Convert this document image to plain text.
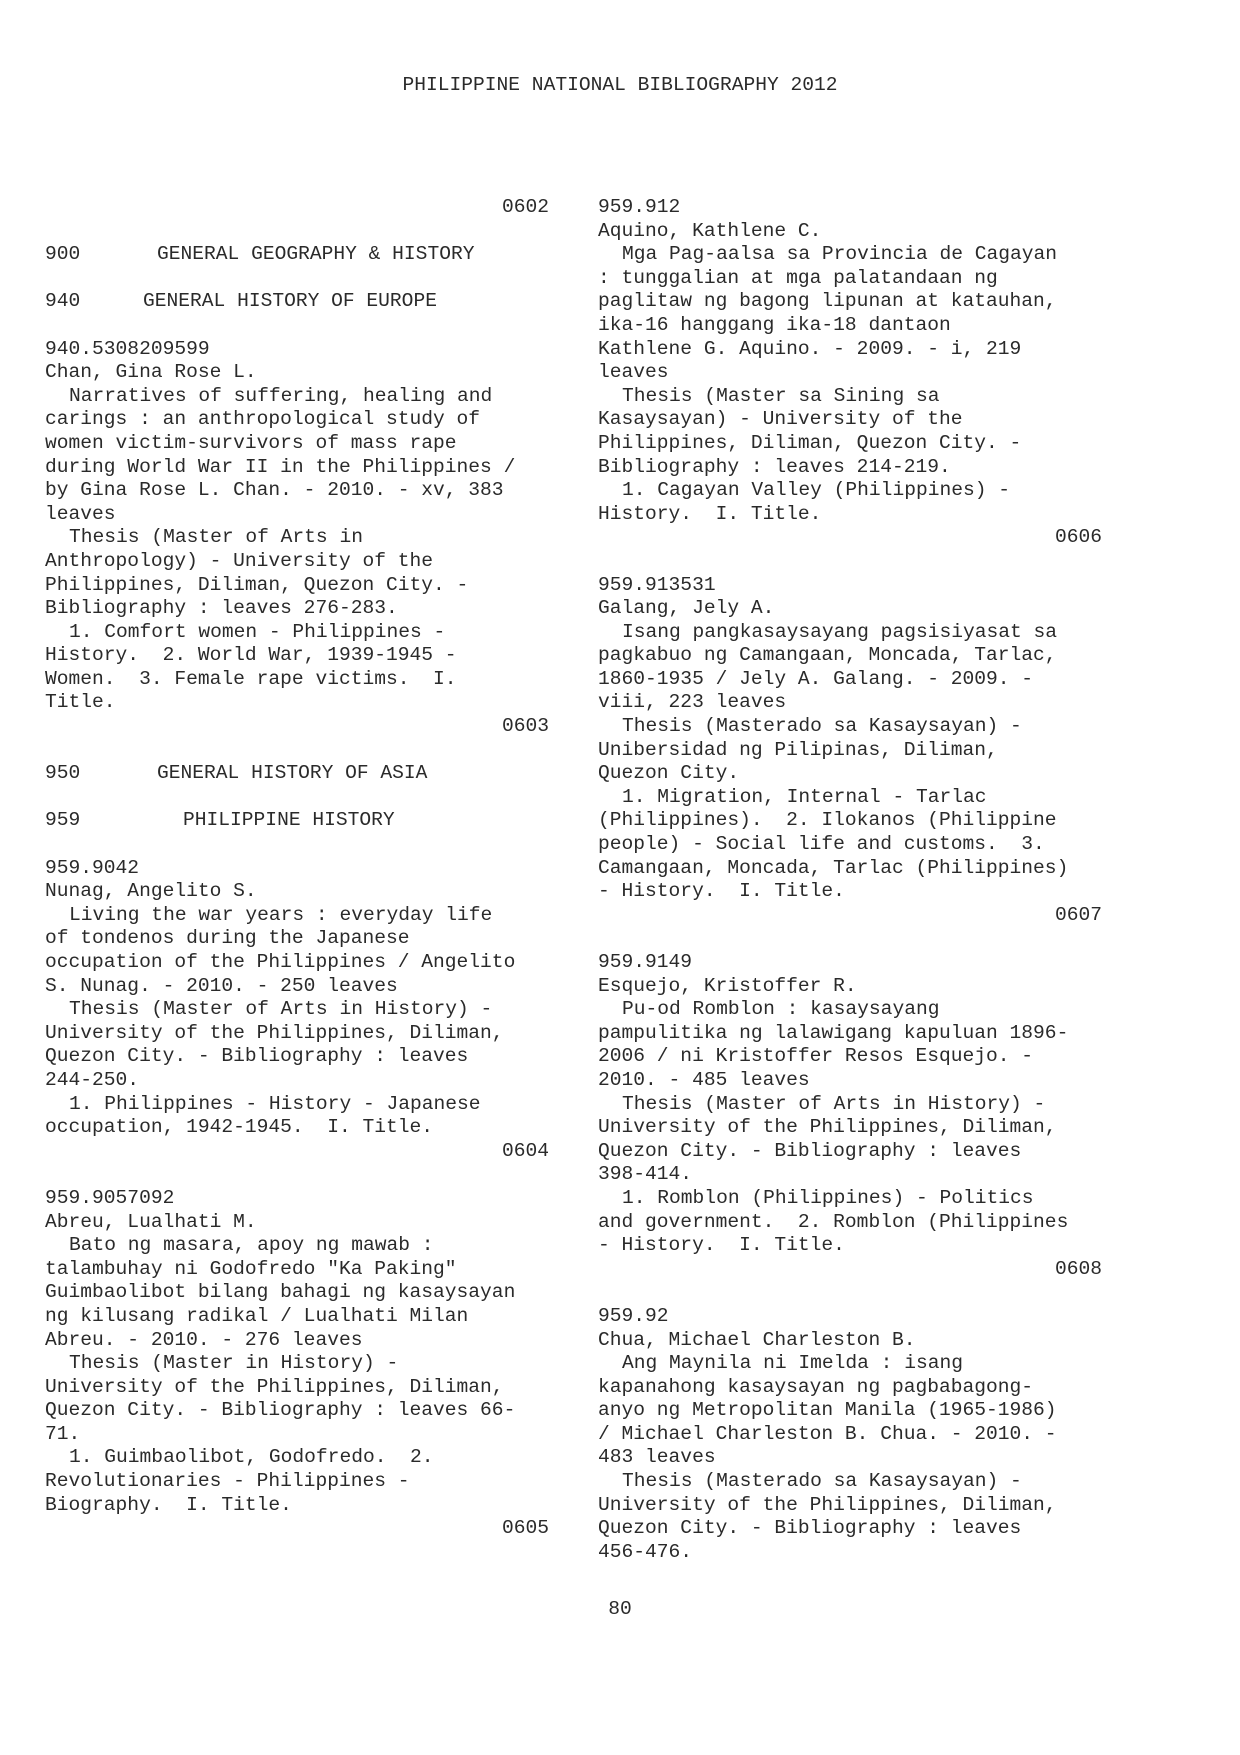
PHILIPPINE NATIONAL BIBLIOGRAPHY 2012
0602
900	GENERAL GEOGRAPHY & HISTORY
940	GENERAL HISTORY OF EUROPE
940.5308209599
Chan, Gina Rose L.
Narratives of suffering, healing and
carings : an anthropological study of
women victim-survivors of mass rape
during World War II in the Philippines /
by Gina Rose L. Chan. - 2010. - xv, 383
leaves
Thesis (Master of Arts in
Anthropology) - University of the
Philippines, Diliman, Quezon City. -
Bibliography : leaves 276-283.
1. Comfort women - Philippines -
History.  2. World War, 1939-1945 -
Women.  3. Female rape victims.  I.
Title.
0603
950	GENERAL HISTORY OF ASIA
959	PHILIPPINE HISTORY
959.9042
Nunag, Angelito S.
Living the war years : everyday life
of tondenos during the Japanese
occupation of the Philippines / Angelito
S. Nunag. - 2010. - 250 leaves
Thesis (Master of Arts in History) -
University of the Philippines, Diliman,
Quezon City. - Bibliography : leaves
244-250.
1. Philippines - History - Japanese
occupation, 1942-1945.  I. Title.
0604
959.9057092
Abreu, Lualhati M.
Bato ng masara, apoy ng mawab :
talambuhay ni Godofredo "Ka Paking"
Guimbaolibot bilang bahagi ng kasaysayan
ng kilusang radikal / Lualhati Milan
Abreu. - 2010. - 276 leaves
Thesis (Master in History) -
University of the Philippines, Diliman,
Quezon City. - Bibliography : leaves 66-
71.
1. Guimbaolibot, Godofredo.  2.
Revolutionaries - Philippines -
Biography.  I. Title.
0605
959.912
Aquino, Kathlene C.
Mga Pag-aalsa sa Provincia de Cagayan
: tunggalian at mga palatandaan ng
paglitaw ng bagong lipunan at katauhan,
ika-16 hanggang ika-18 dantaon
Kathlene G. Aquino. - 2009. - i, 219
leaves
Thesis (Master sa Sining sa
Kasaysayan) - University of the
Philippines, Diliman, Quezon City. -
Bibliography : leaves 214-219.
1. Cagayan Valley (Philippines) -
History.  I. Title.
0606
959.913531
Galang, Jely A.
Isang pangkasaysayang pagsisiyasat sa
pagkabuo ng Camangaan, Moncada, Tarlac,
1860-1935 / Jely A. Galang. - 2009. -
viii, 223 leaves
Thesis (Masterado sa Kasaysayan) -
Unibersidad ng Pilipinas, Diliman,
Quezon City.
1. Migration, Internal - Tarlac
(Philippines).  2. Ilokanos (Philippine
people) - Social life and customs.  3.
Camangaan, Moncada, Tarlac (Philippines)
- History.  I. Title.
0607
959.9149
Esquejo, Kristoffer R.
Pu-od Romblon : kasaysayang
pampulitika ng lalawigang kapuluan 1896-
2006 / ni Kristoffer Resos Esquejo. -
2010. - 485 leaves
Thesis (Master of Arts in History) -
University of the Philippines, Diliman,
Quezon City. - Bibliography : leaves
398-414.
1. Romblon (Philippines) - Politics
and government.  2. Romblon (Philippines
- History.  I. Title.
0608
959.92
Chua, Michael Charleston B.
Ang Maynila ni Imelda : isang
kapanahong kasaysayan ng pagbabagong-
anyo ng Metropolitan Manila (1965-1986)
/ Michael Charleston B. Chua. - 2010. -
483 leaves
Thesis (Masterado sa Kasaysayan) -
University of the Philippines, Diliman,
Quezon City. - Bibliography : leaves
456-476.
80
